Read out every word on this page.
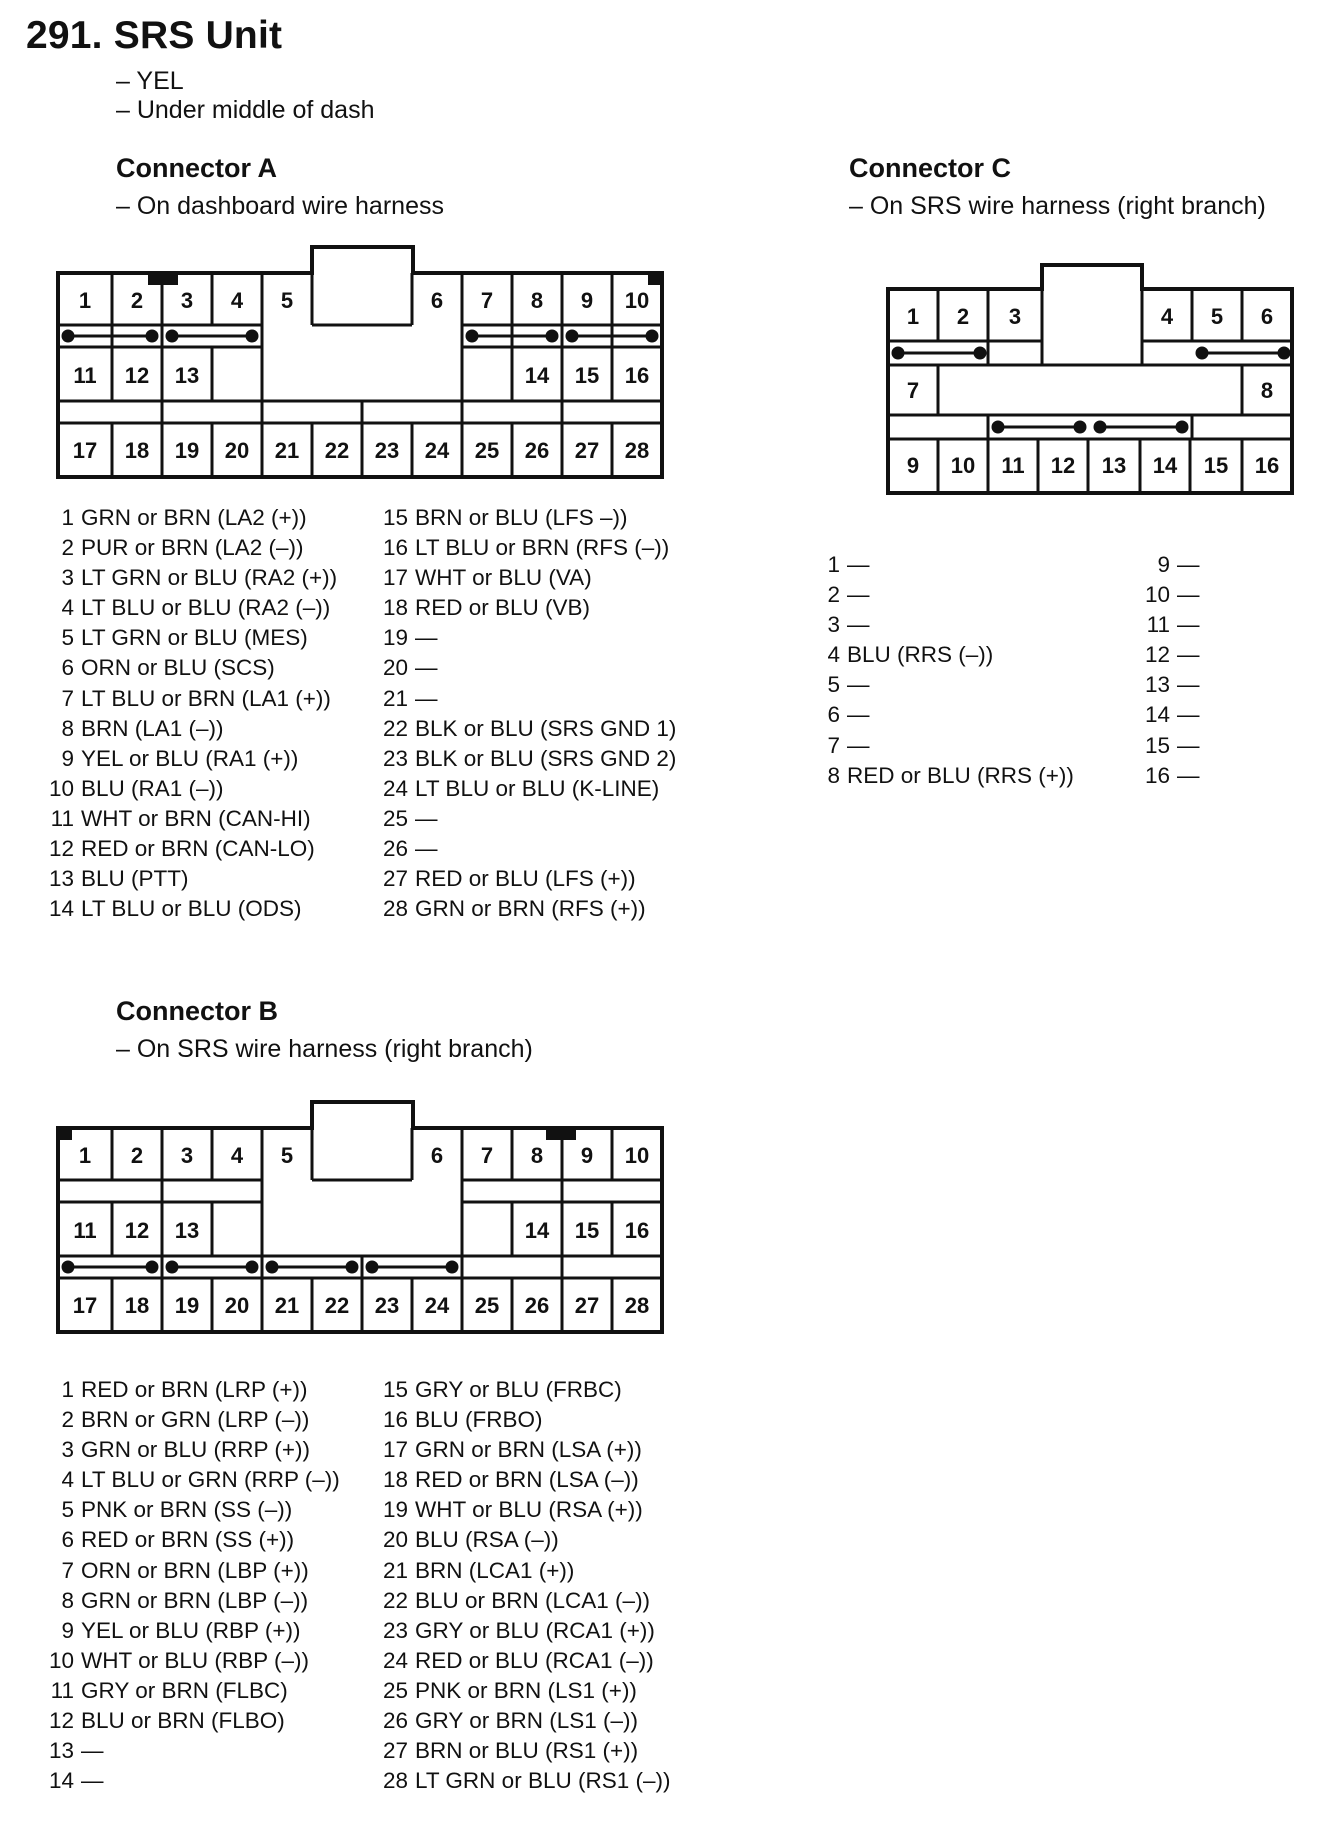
291. SRS Unit
– YEL
– Under middle of dash
Connector A
– On dashboard wire harness
Connector C
– On SRS wire harness (right branch)
1 2 3 4 5	6 7 8 9 10
11 12 13	14 15 16
17 18 19 20 21 22 23 24 25 26 27 28
1 2 3	4 5 6
7	8
9 10 11 12 13 14 15 16
1 GRN or BRN (LA2 (+))
2 PUR or BRN (LA2 (–))
3 LT GRN or BLU (RA2 (+))
4 LT BLU or BLU (RA2 (–))
5 LT GRN or BLU (MES)
6 ORN or BLU (SCS)
7 LT BLU or BRN (LA1 (+))
8 BRN (LA1 (–))
9 YEL or BLU (RA1 (+))
10 BLU (RA1 (–))
11 WHT or BRN (CAN-HI)
12 RED or BRN (CAN-LO)
13 BLU (PTT)
14 LT BLU or BLU (ODS)
15 BRN or BLU (LFS –))
16 LT BLU or BRN (RFS (–))
17 WHT or BLU (VA)
18 RED or BLU (VB)
19 —
20 —
21 —
22 BLK or BLU (SRS GND 1)
23 BLK or BLU (SRS GND 2)
24 LT BLU or BLU (K-LINE)
25 —
26 —
27 RED or BLU (LFS (+))
28 GRN or BRN (RFS (+))
1 —
2 —
3 —
4 BLU (RRS (–))
5 —
6 —
7 —
8 RED or BLU (RRS (+))
9 —
10 —
11 —
12 —
13 —
14 —
15 —
16 —
Connector B
– On SRS wire harness (right branch)
1 2 3 4 5	6 7 8 9 10
11 12 13	14 15 16
17 18 19 20 21 22 23 24 25 26 27 28
1 RED or BRN (LRP (+))
2 BRN or GRN (LRP (–))
3 GRN or BLU (RRP (+))
4 LT BLU or GRN (RRP (–))
5 PNK or BRN (SS (–))
6 RED or BRN (SS (+))
7 ORN or BRN (LBP (+))
8 GRN or BRN (LBP (–))
9 YEL or BLU (RBP (+))
10 WHT or BLU (RBP (–))
11 GRY or BRN (FLBC)
12 BLU or BRN (FLBO)
13 —
14 —
15 GRY or BLU (FRBC)
16 BLU (FRBO)
17 GRN or BRN (LSA (+))
18 RED or BRN (LSA (–))
19 WHT or BLU (RSA (+))
20 BLU (RSA (–))
21 BRN (LCA1 (+))
22 BLU or BRN (LCA1 (–))
23 GRY or BLU (RCA1 (+))
24 RED or BLU (RCA1 (–))
25 PNK or BRN (LS1 (+))
26 GRY or BRN (LS1 (–))
27 BRN or BLU (RS1 (+))
28 LT GRN or BLU (RS1 (–))
